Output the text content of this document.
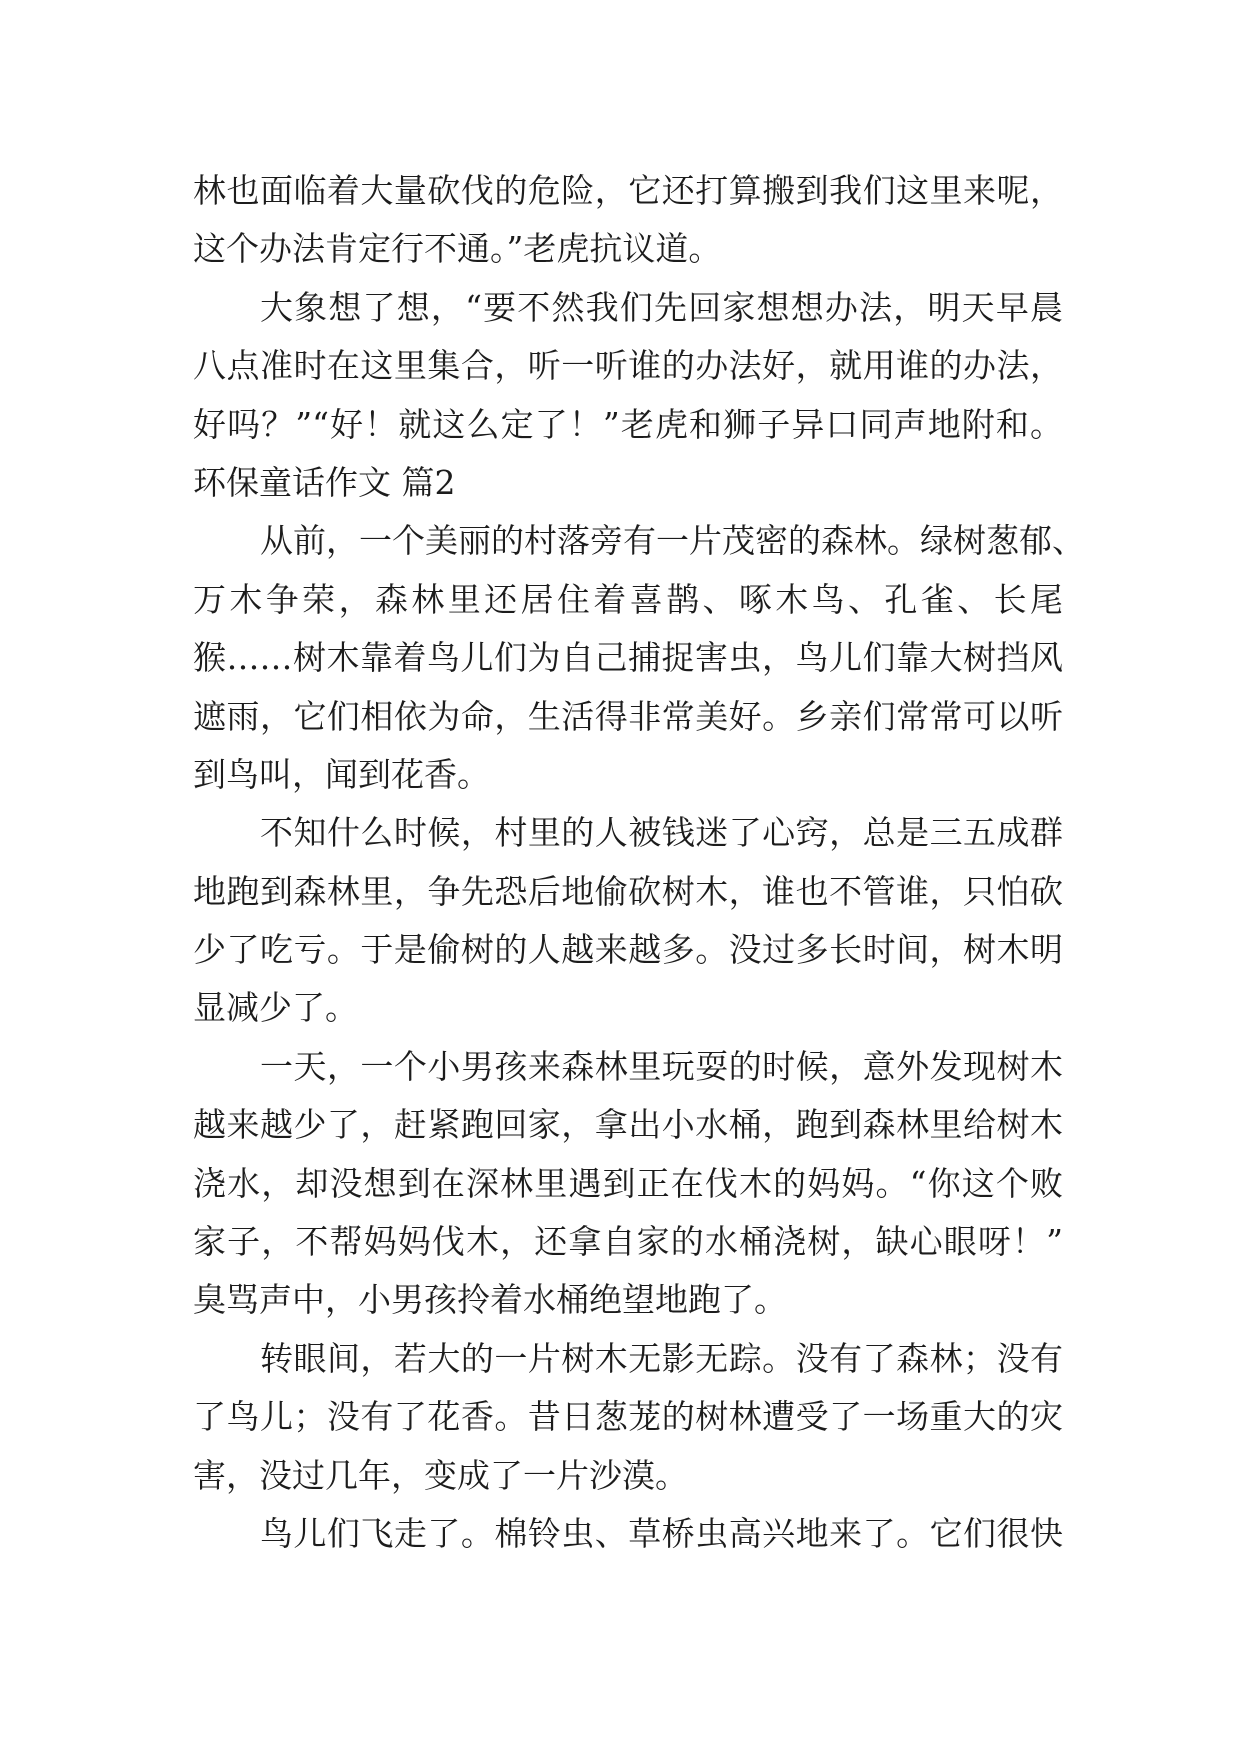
林也面临着大量砍伐的危险，它还打算搬到我们这里来呢，
这个办法肯定行不通。”老虎抗议道。
大象想了想，“要不然我们先回家想想办法，明天早晨
八点准时在这里集合，听一听谁的办法好，就用谁的办法，
好吗？”“好！就这么定了！”老虎和狮子异口同声地附和。
环保童话作文 篇2
从前，一个美丽的村落旁有一片茂密的森林。绿树葱郁、
万木争荣，森林里还居住着喜鹊、啄木鸟、孔雀、长尾
猴……树木靠着鸟儿们为自己捕捉害虫，鸟儿们靠大树挡风
遮雨，它们相依为命，生活得非常美好。乡亲们常常可以听
到鸟叫，闻到花香。
不知什么时候，村里的人被钱迷了心窍，总是三五成群
地跑到森林里，争先恐后地偷砍树木，谁也不管谁，只怕砍
少了吃亏。于是偷树的人越来越多。没过多长时间，树木明
显减少了。
一天，一个小男孩来森林里玩耍的时候，意外发现树木
越来越少了，赶紧跑回家，拿出小水桶，跑到森林里给树木
浇水，却没想到在深林里遇到正在伐木的妈妈。“你这个败
家子，不帮妈妈伐木，还拿自家的水桶浇树，缺心眼呀！”
臭骂声中，小男孩拎着水桶绝望地跑了。
转眼间，若大的一片树木无影无踪。没有了森林；没有
了鸟儿；没有了花香。昔日葱茏的树林遭受了一场重大的灾
害，没过几年，变成了一片沙漠。
鸟儿们飞走了。棉铃虫、草桥虫高兴地来了。它们很快
